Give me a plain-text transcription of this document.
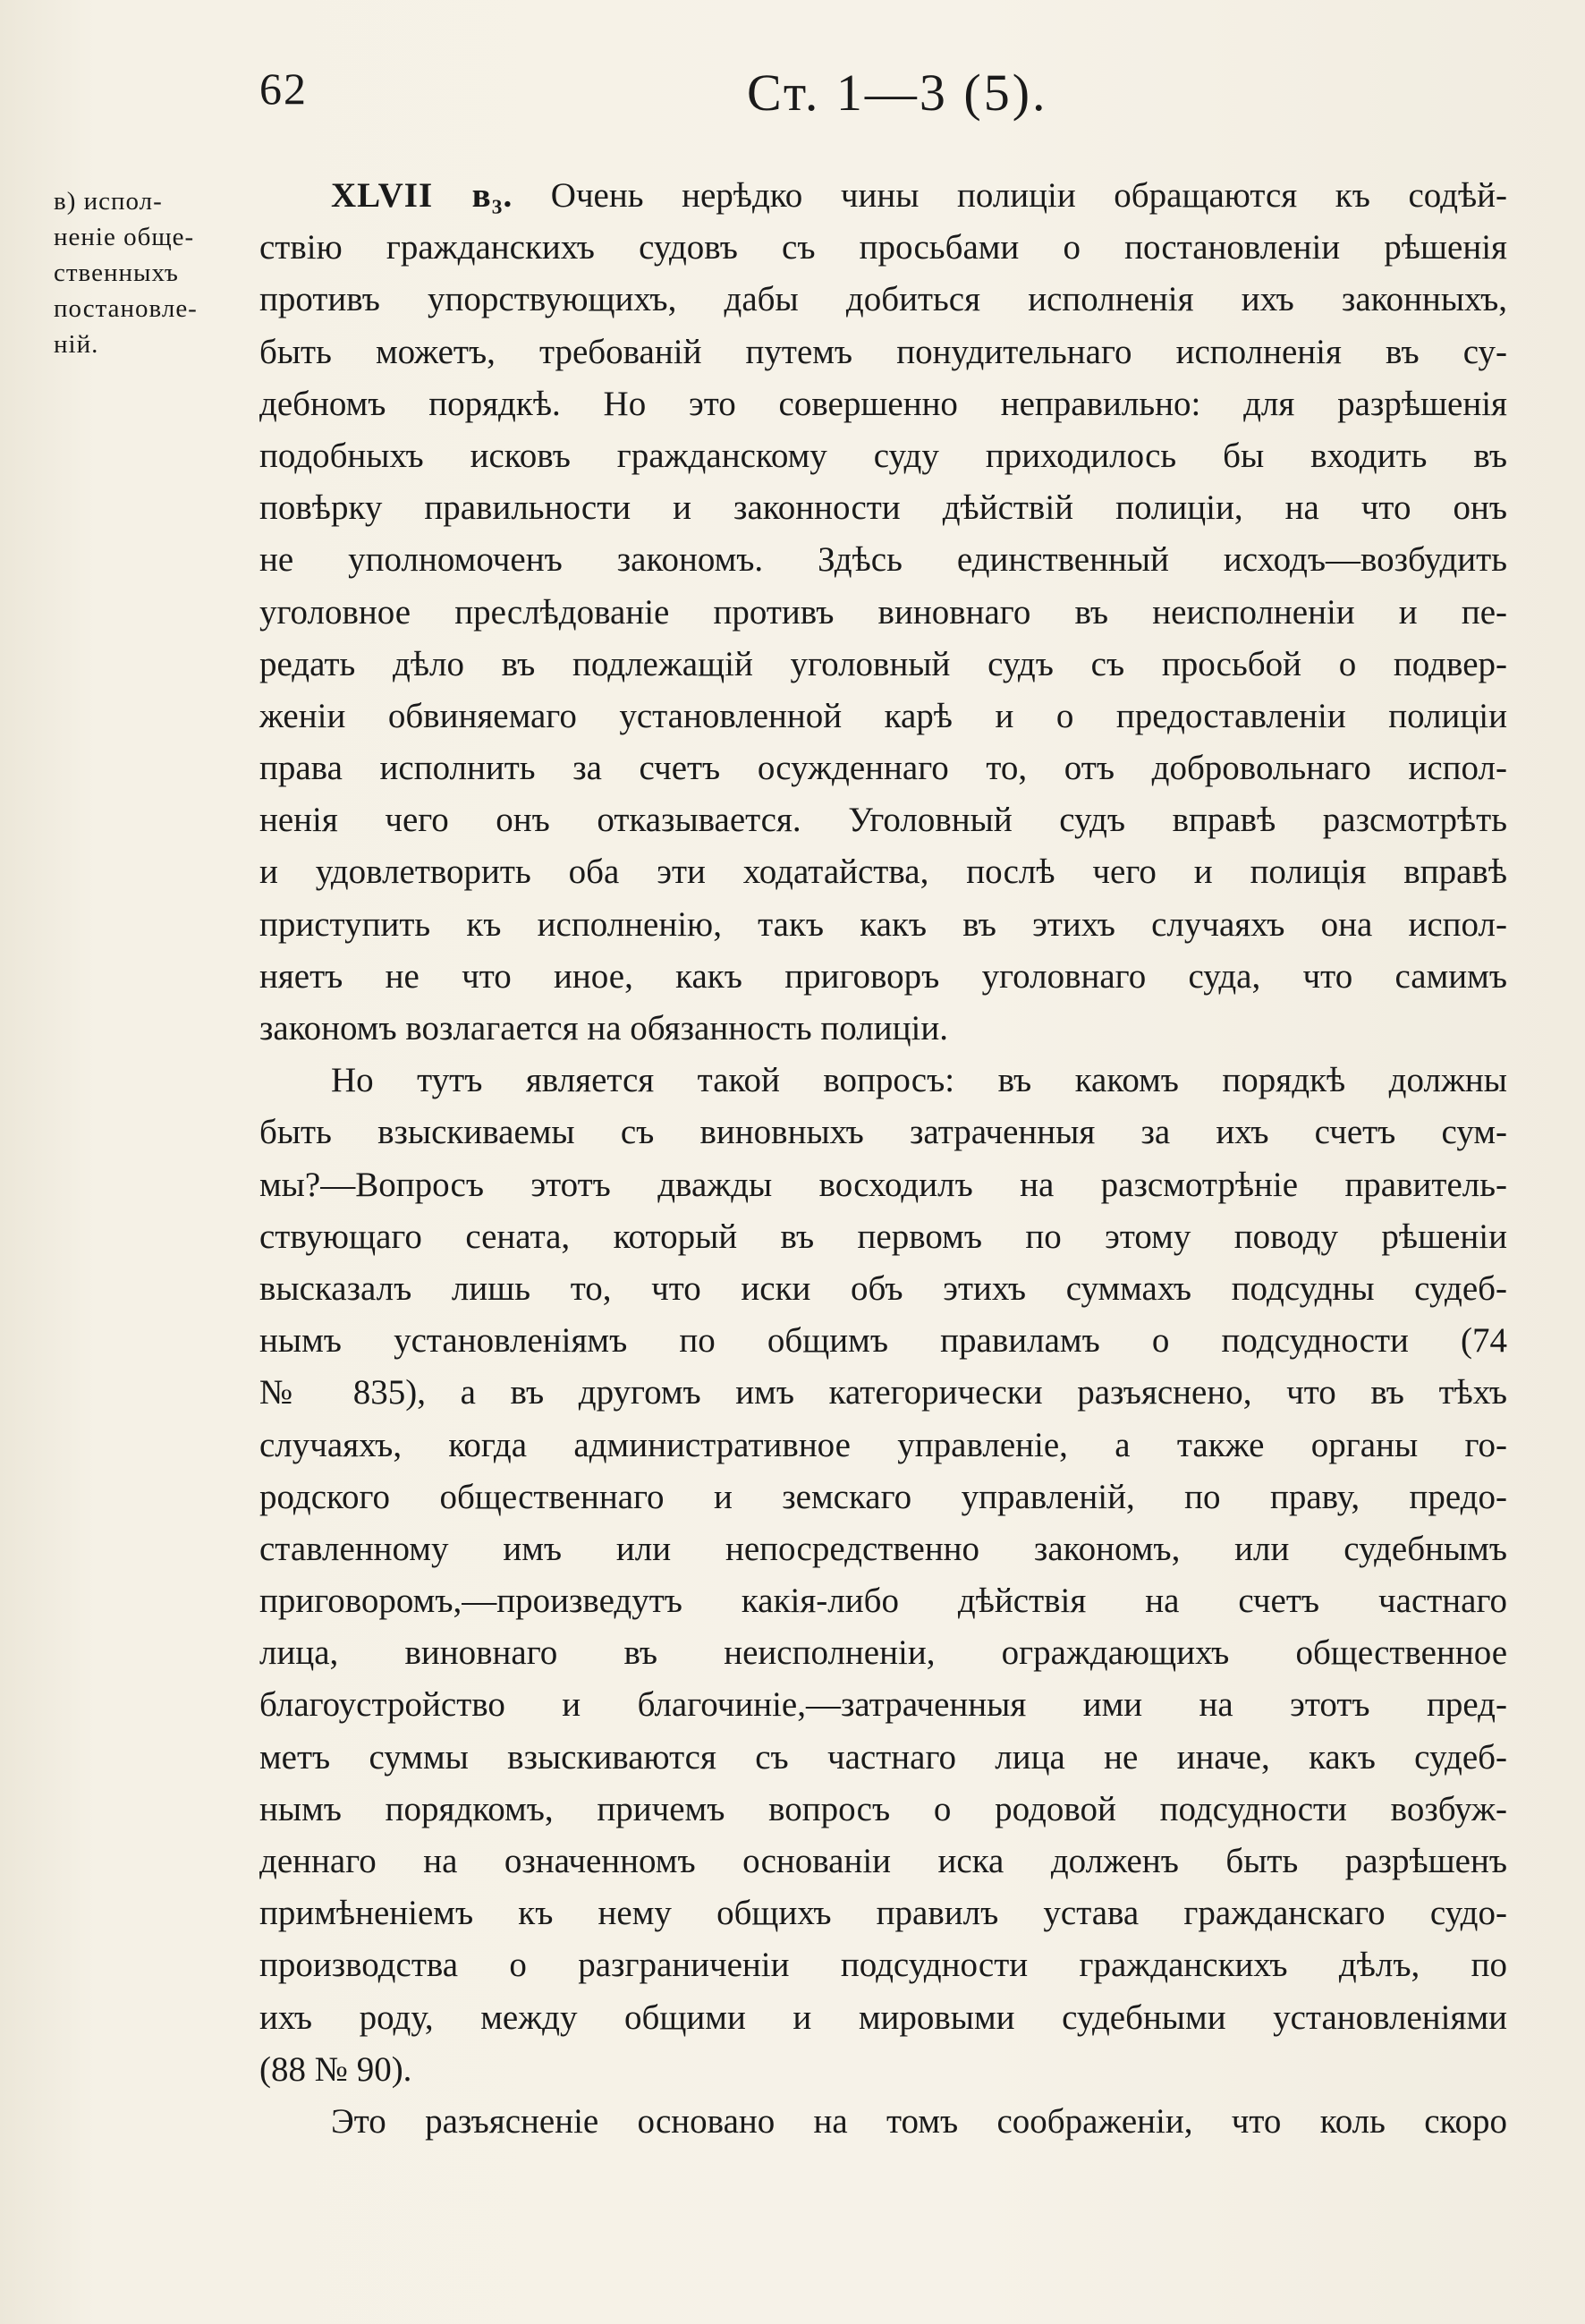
62	Ст. 1—3 (5).
в) испол-
неніе обще-
ственныхъ
постановле-
ній.
XLVII в₃. Очень нерѣдко чины полиціи обращаются къ содѣй-
ствію гражданскихъ судовъ съ просьбами о постановленіи рѣшенія
противъ упорствующихъ, дабы добиться исполненія ихъ законныхъ,
быть можетъ, требованій путемъ понудительнаго исполненія въ су-
дебномъ порядкѣ. Но это совершенно неправильно: для разрѣшенія
подобныхъ исковъ гражданскому суду приходилось бы входить въ
повѣрку правильности и законности дѣйствій полиціи, на что онъ
не уполномоченъ закономъ. Здѣсь единственный исходъ—возбудить
уголовное преслѣдованіе противъ виновнаго въ неисполненіи и пе-
редать дѣло въ подлежащій уголовный судъ съ просьбой о подвер-
женіи обвиняемаго установленной карѣ и о предоставленіи полиціи
права исполнить за счетъ осужденнаго то, отъ добровольнаго испол-
ненія чего онъ отказывается. Уголовный судъ вправѣ разсмотрѣть
и удовлетворить оба эти ходатайства, послѣ чего и полиція вправѣ
приступить къ исполненію, такъ какъ въ этихъ случаяхъ она испол-
няетъ не что иное, какъ приговоръ уголовнаго суда, что самимъ
закономъ возлагается на обязанность полиціи.
Но тутъ является такой вопросъ: въ какомъ порядкѣ должны
быть взыскиваемы съ виновныхъ затраченныя за ихъ счетъ сум-
мы?—Вопросъ этотъ дважды восходилъ на разсмотрѣніе правитель-
ствующаго сената, который въ первомъ по этому поводу рѣшеніи
высказалъ лишь то, что иски объ этихъ суммахъ подсудны судеб-
нымъ установленіямъ по общимъ правиламъ о подсудности (74
№ 835), а въ другомъ имъ категорически разъяснено, что въ тѣхъ
случаяхъ, когда административное управленіе, а также органы го-
родского общественнаго и земскаго управленій, по праву, предо-
ставленному имъ или непосредственно закономъ, или судебнымъ
приговоромъ,—произведутъ какія-либо дѣйствія на счетъ частнаго
лица, виновнаго въ неисполненіи, ограждающихъ общественное
благоустройство и благочиніе,—затраченныя ими на этотъ пред-
метъ суммы взыскиваются съ частнаго лица не иначе, какъ судеб-
нымъ порядкомъ, причемъ вопросъ о родовой подсудности возбуж-
деннаго на означенномъ основаніи иска долженъ быть разрѣшенъ
примѣненіемъ къ нему общихъ правилъ устава гражданскаго судо-
производства о разграниченіи подсудности гражданскихъ дѣлъ, по
ихъ роду, между общими и мировыми судебными установленіями
(88 № 90).
Это разъясненіе основано на томъ соображеніи, что коль скоро
